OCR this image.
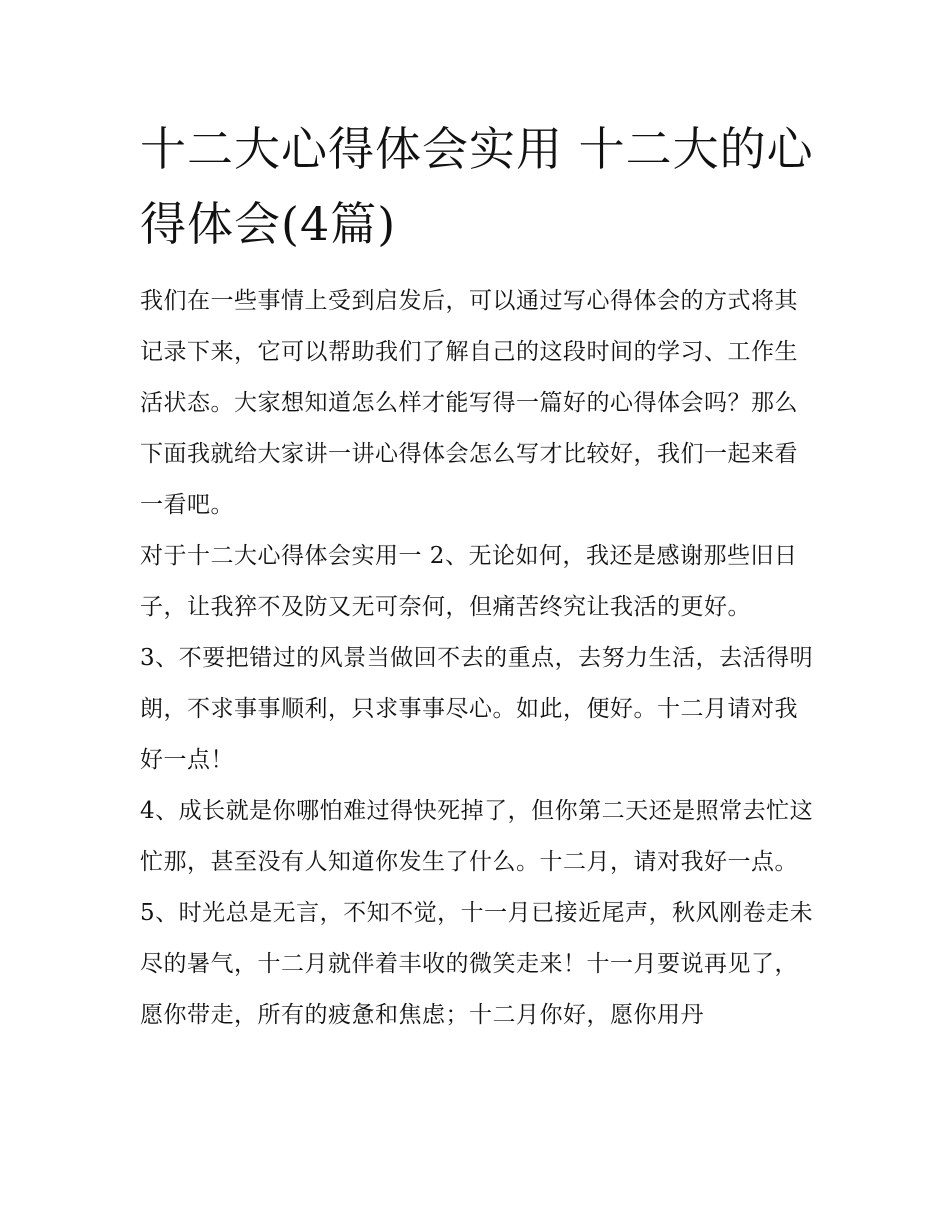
十二大心得体会实用 十二大的心得体会(4篇)

我们在一些事情上受到启发后，可以通过写心得体会的方式将其记录下来，它可以帮助我们了解自己的这段时间的学习、工作生活状态。大家想知道怎么样才能写得一篇好的心得体会吗？那么下面我就给大家讲一讲心得体会怎么写才比较好，我们一起来看一看吧。

对于十二大心得体会实用一 2、无论如何，我还是感谢那些旧日子，让我猝不及防又无可奈何，但痛苦终究让我活的更好。

3、不要把错过的风景当做回不去的重点，去努力生活，去活得明朗，不求事事顺利，只求事事尽心。如此，便好。十二月请对我好一点！

4、成长就是你哪怕难过得快死掉了，但你第二天还是照常去忙这忙那，甚至没有人知道你发生了什么。十二月，请对我好一点。

5、时光总是无言，不知不觉，十一月已接近尾声，秋风刚卷走未尽的暑气，十二月就伴着丰收的微笑走来！十一月要说再见了，愿你带走，所有的疲惫和焦虑；十二月你好，愿你用丹
